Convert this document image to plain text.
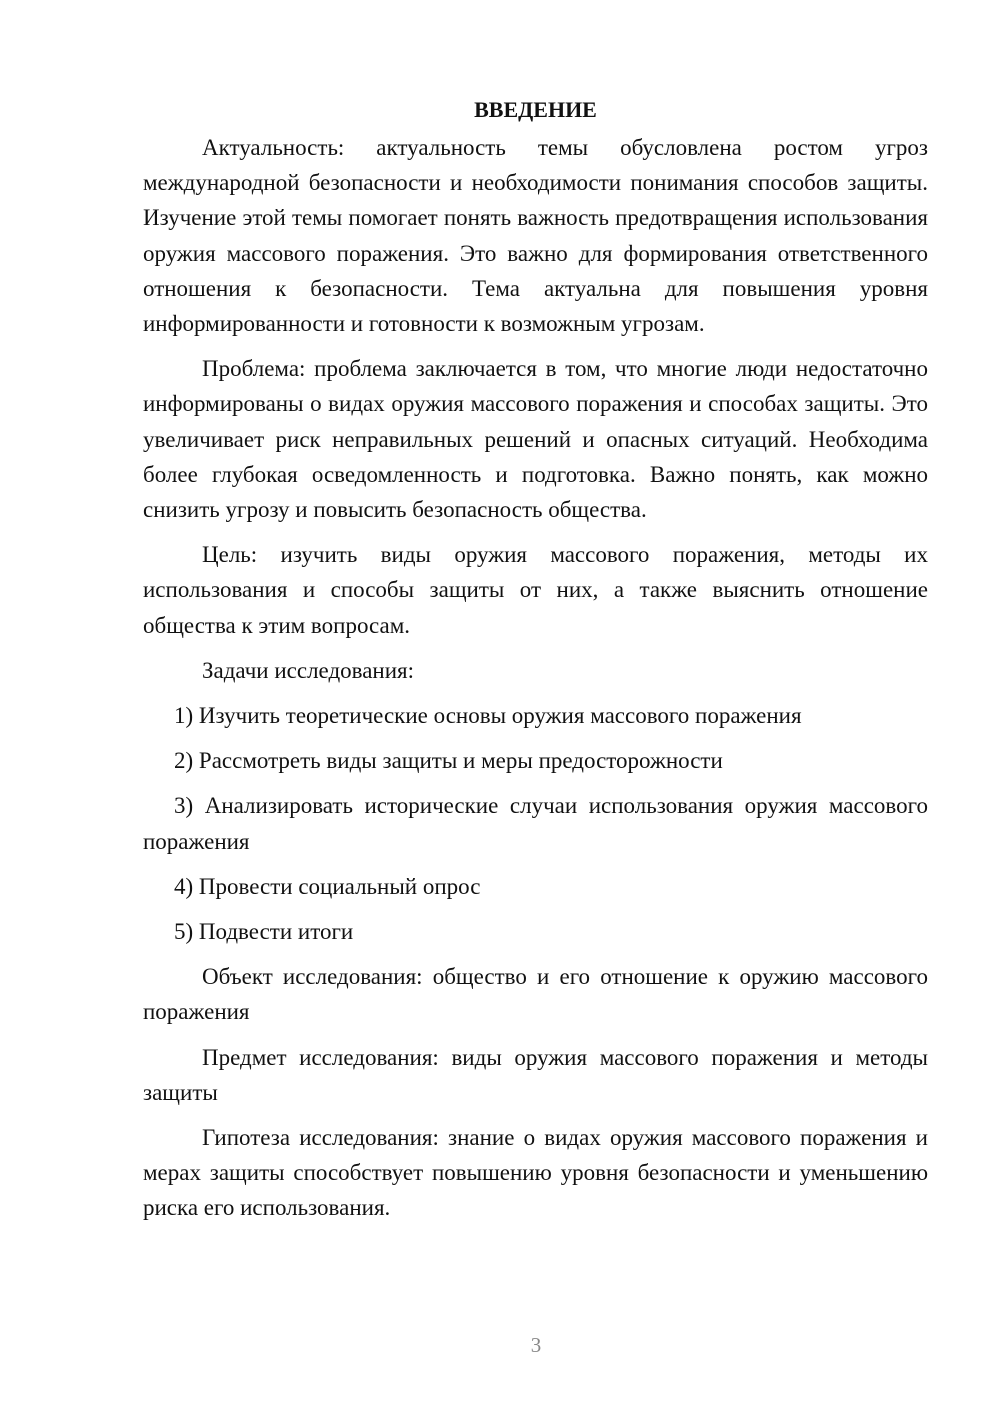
ВВЕДЕНИЕ

Актуальность: актуальность темы обусловлена ростом угроз международной безопасности и необходимости понимания способов защиты. Изучение этой темы помогает понять важность предотвращения использования оружия массового поражения. Это важно для формирования ответственного отношения к безопасности. Тема актуальна для повышения уровня информированности и готовности к возможным угрозам.

Проблема: проблема заключается в том, что многие люди недостаточно информированы о видах оружия массового поражения и способах защиты. Это увеличивает риск неправильных решений и опасных ситуаций. Необходима более глубокая осведомленность и подготовка. Важно понять, как можно снизить угрозу и повысить безопасность общества.

Цель: изучить виды оружия массового поражения, методы их использования и способы защиты от них, а также выяснить отношение общества к этим вопросам.

Задачи исследования:

1) Изучить теоретические основы оружия массового поражения

2) Рассмотреть виды защиты и меры предосторожности

3) Анализировать исторические случаи использования оружия массового поражения

4) Провести социальный опрос

5) Подвести итоги

Объект исследования: общество и его отношение к оружию массового поражения

Предмет исследования: виды оружия массового поражения и методы защиты

Гипотеза исследования: знание о видах оружия массового поражения и мерах защиты способствует повышению уровня безопасности и уменьшению риска его использования.

3
